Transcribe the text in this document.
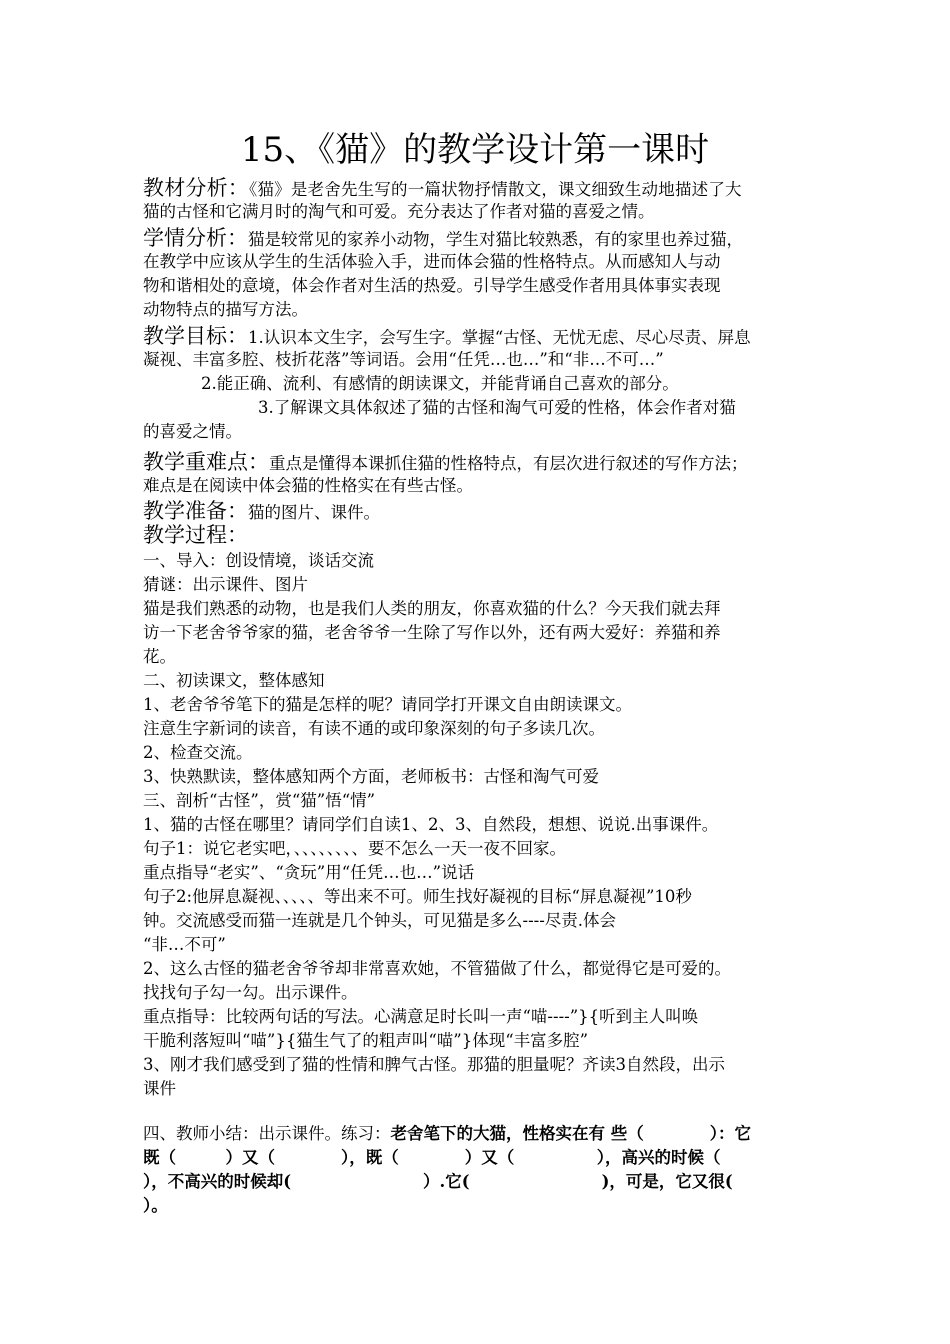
15、《猫》的教学设计第一课时
教材分析：《猫》是老舍先生写的一篇状物抒情散文，课文细致生动地描述了大
猫的古怪和它满月时的淘气和可爱。充分表达了作者对猫的喜爱之情。
学情分析：猫是较常见的家养小动物，学生对猫比较熟悉，有的家里也养过猫，
在教学中应该从学生的生活体验入手，进而体会猫的性格特点。从而感知人与动
物和谐相处的意境，体会作者对生活的热爱。引导学生感受作者用具体事实表现
动物特点的描写方法。
教学目标：1.认识本文生字，会写生字。掌握“古怪、无忧无虑、尽心尽责、屏息
凝视、丰富多腔、枝折花落”等词语。会用“任凭…也…”和“非…不可…”
2.能正确、流利、有感情的朗读课文，并能背诵自己喜欢的部分。
3.了解课文具体叙述了猫的古怪和淘气可爱的性格，体会作者对猫
的喜爱之情。
教学重难点：重点是懂得本课抓住猫的性格特点，有层次进行叙述的写作方法；
难点是在阅读中体会猫的性格实在有些古怪。
教学准备：猫的图片、课件。
教学过程：
一、导入：创设情境，谈话交流
猜谜：出示课件、图片
猫是我们熟悉的动物，也是我们人类的朋友，你喜欢猫的什么？今天我们就去拜
访一下老舍爷爷家的猫，老舍爷爷一生除了写作以外，还有两大爱好：养猫和养
花。
二、初读课文，整体感知
1、老舍爷爷笔下的猫是怎样的呢？请同学打开课文自由朗读课文。
注意生字新词的读音，有读不通的或印象深刻的句子多读几次。
2、检查交流。
3、快熟默读，整体感知两个方面，老师板书：古怪和淘气可爱
三、剖析“古怪”，赏“猫”悟“情”
1、猫的古怪在哪里？请同学们自读1、2、3、自然段，想想、说说.出事课件。
句子1：说它老实吧，、、、、、、、、要不怎么一天一夜不回家。
重点指导“老实”、“贪玩”用“任凭…也…”说话
句子2:他屏息凝视、、、、、等出来不可。师生找好凝视的目标“屏息凝视”10秒
钟。交流感受而猫一连就是几个钟头，可见猫是多么----尽责.体会
“非…不可”
2、这么古怪的猫老舍爷爷却非常喜欢她，不管猫做了什么，都觉得它是可爱的。
找找句子勾一勾。出示课件。
重点指导：比较两句话的写法。心满意足时长叫一声“喵----”}{听到主人叫唤
干脆利落短叫“喵”}{猫生气了的粗声叫“喵”}体现“丰富多腔”
3、刚才我们感受到了猫的性情和脾气古怪。那猫的胆量呢？齐读3自然段，出示
课件
四、教师小结：出示课件。练习：老舍笔下的大猫，性格实在有 些（　　　　）：它
既（　　　）又（　　　　），既（　　　　）又（　　　　　），高兴的时候（
），不高兴的时候却(　　　　　　　　）.它(　　　　　　　　)，可是，它又很(
）。
